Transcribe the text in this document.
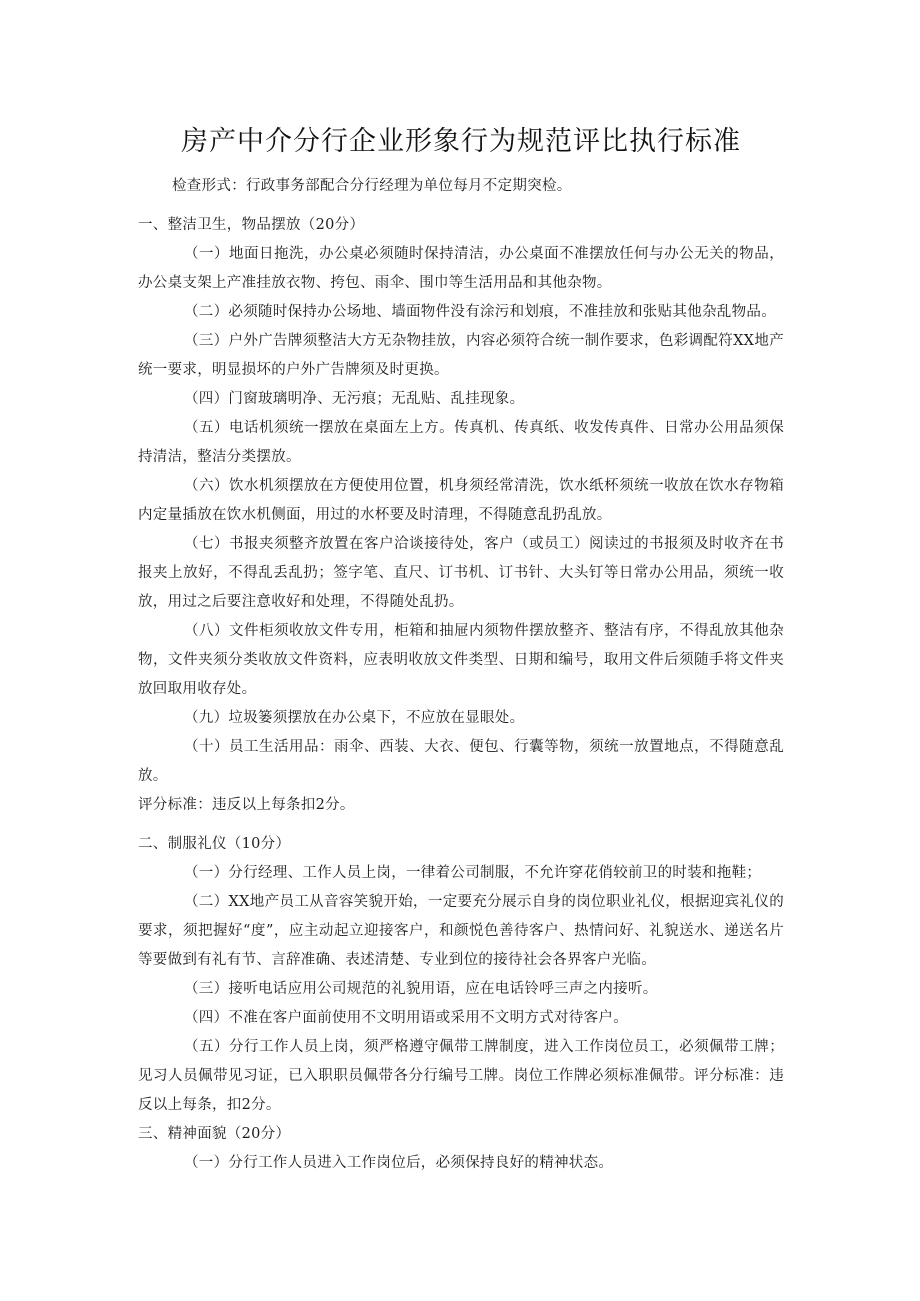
房产中介分行企业形象行为规范评比执行标准

检查形式：行政事务部配合分行经理为单位每月不定期突检。

一、整洁卫生，物品摆放（20分）

（一）地面日拖洗，办公桌必须随时保持清洁，办公桌面不准摆放任何与办公无关的物品，办公桌支架上产准挂放衣物、挎包、雨伞、围巾等生活用品和其他杂物。

（二）必须随时保持办公场地、墙面物件没有涂污和划痕，不准挂放和张贴其他杂乱物品。

（三）户外广告牌须整洁大方无杂物挂放，内容必须符合统一制作要求，色彩调配符XX地产统一要求，明显损坏的户外广告牌须及时更换。

（四）门窗玻璃明净、无污痕；无乱贴、乱挂现象。

（五）电话机须统一摆放在桌面左上方。传真机、传真纸、收发传真件、日常办公用品须保持清洁，整洁分类摆放。

（六）饮水机须摆放在方便使用位置，机身须经常清洗，饮水纸杯须统一收放在饮水存物箱内定量插放在饮水机侧面，用过的水杯要及时清理，不得随意乱扔乱放。

（七）书报夹须整齐放置在客户洽谈接待处，客户（或员工）阅读过的书报须及时收齐在书报夹上放好，不得乱丢乱扔；签字笔、直尺、订书机、订书针、大头钉等日常办公用品，须统一收放，用过之后要注意收好和处理，不得随处乱扔。

（八）文件柜须收放文件专用，柜箱和抽屉内须物件摆放整齐、整洁有序，不得乱放其他杂物，文件夹须分类收放文件资料，应表明收放文件类型、日期和编号，取用文件后须随手将文件夹放回取用收存处。

（九）垃圾篓须摆放在办公桌下，不应放在显眼处。

（十）员工生活用品：雨伞、西装、大衣、便包、行囊等物，须统一放置地点，不得随意乱放。

评分标准：违反以上每条扣2分。

二、制服礼仪（10分）

（一）分行经理、工作人员上岗，一律着公司制服，不允许穿花俏较前卫的时装和拖鞋；

（二）XX地产员工从音容笑貌开始，一定要充分展示自身的岗位职业礼仪，根据迎宾礼仪的要求，须把握好“度”，应主动起立迎接客户，和颜悦色善待客户、热情问好、礼貌送水、递送名片等要做到有礼有节、言辞准确、表述清楚、专业到位的接待社会各界客户光临。

（三）接听电话应用公司规范的礼貌用语，应在电话铃呼三声之内接听。

（四）不准在客户面前使用不文明用语或采用不文明方式对待客户。

（五）分行工作人员上岗，须严格遵守佩带工牌制度，进入工作岗位员工，必须佩带工牌；见习人员佩带见习证，已入职职员佩带各分行编号工牌。岗位工作牌必须标准佩带。评分标准：违反以上每条，扣2分。

三、精神面貌（20分）

（一）分行工作人员进入工作岗位后，必须保持良好的精神状态。
